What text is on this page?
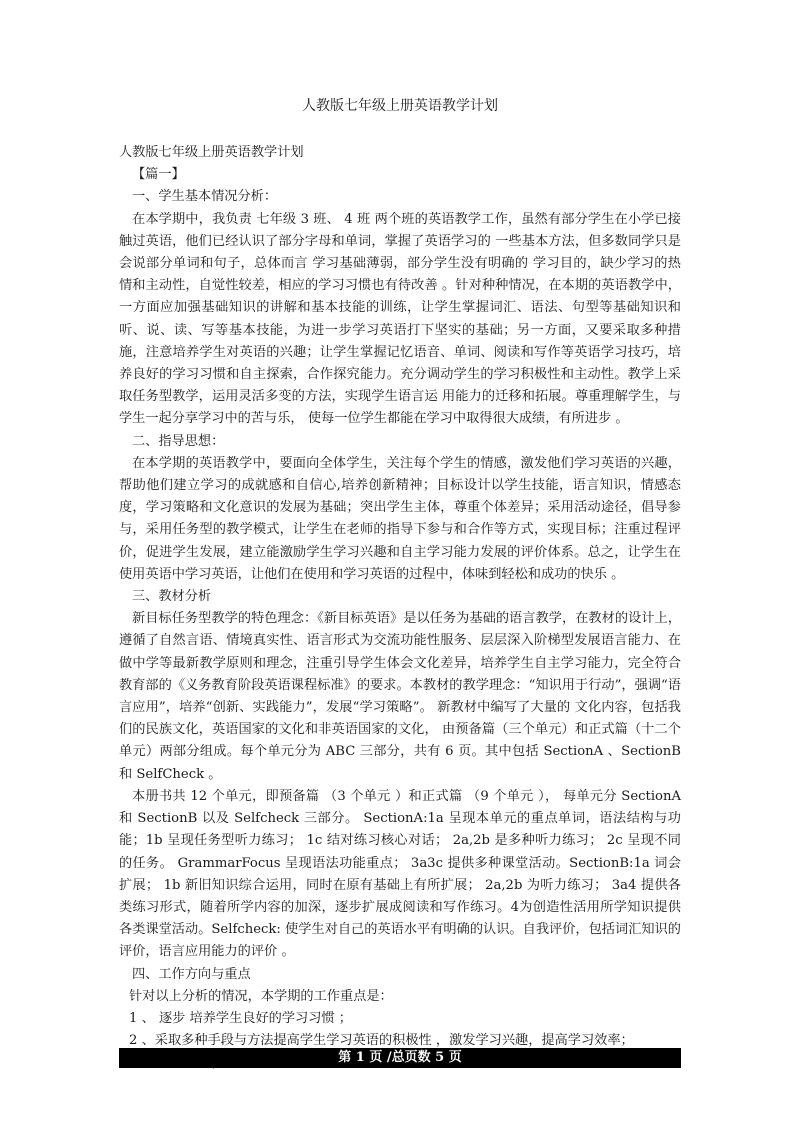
人教版七年级上册英语教学计划

人教版七年级上册英语教学计划

【篇一】

一、学生基本情况分析：

在本学期中，我负责 七年级 3 班、 4 班 两个班的英语教学工作，虽然有部分学生在小学已接触过英语，他们已经认识了部分字母和单词，掌握了英语学习的 一些基本方法，但多数同学只是会说部分单词和句子，总体而言 学习基础薄弱，部分学生没有明确的 学习目的，缺少学习的热情和主动性，自觉性较差，相应的学习习惯也有待改善 。针对种种情况，在本期的英语教学中，一方面应加强基础知识的讲解和基本技能的训练，让学生掌握词汇、语法、句型等基础知识和听、说、读、写等基本技能，为进一步学习英语打下坚实的基础；另一方面，又要采取多种措施，注意培养学生对英语的兴趣；让学生掌握记忆语音、单词、阅读和写作等英语学习技巧，培养良好的学习习惯和自主探索，合作探究能力。充分调动学生的学习积极性和主动性。教学上采取任务型教学，运用灵活多变的方法，实现学生语言运 用能力的迁移和拓展。尊重理解学生，与学生一起分享学习中的苦与乐， 使每一位学生都能在学习中取得很大成绩，有所进步 。

二、指导思想：

在本学期的英语教学中，要面向全体学生，关注每个学生的情感，激发他们学习英语的兴趣，帮助他们建立学习的成就感和自信心,培养创新精神；目标设计以学生技能，语言知识，情感态度，学习策略和文化意识的发展为基础；突出学生主体，尊重个体差异；采用活动途径，倡导参与，采用任务型的教学模式，让学生在老师的指导下参与和合作等方式，实现目标；注重过程评价，促进学生发展，建立能激励学生学习兴趣和自主学习能力发展的评价体系。总之，让学生在使用英语中学习英语，让他们在使用和学习英语的过程中，体味到轻松和成功的快乐 。

三、教材分析

新目标任务型教学的特色理念：《新目标英语》是以任务为基础的语言教学，在教材的设计上，遵循了自然言语、情境真实性、语言形式为交流功能性服务、层层深入阶梯型发展语言能力、在做中学等最新教学原则和理念，注重引导学生体会文化差异，培养学生自主学习能力，完全符合教育部的《义务教育阶段英语课程标准》的要求。本教材的教学理念：“知识用于行动”，强调“语言应用”，培养“创新、实践能力”，发展“学习策略”。 新教材中编写了大量的 文化内容，包括我们的民族文化，英语国家的文化和非英语国家的文化， 由预备篇（三个单元）和正式篇（十二个单元）两部分组成。每个单元分为 ABC 三部分，共有 6 页。其中包括 SectionA 、SectionB 和 SelfCheck 。

本册书共 12 个单元，即预备篇 （3 个单元 ）和正式篇 （9 个单元 ）， 每单元分 SectionA 和 SectionB 以及 Selfcheck 三部分。 SectionA:1a 呈现本单元的重点单词，语法结构与功能；1b 呈现任务型听力练习； 1c 结对练习核心对话； 2a,2b 是多种听力练习； 2c 呈现不同的任务。 GrammarFocus 呈现语法功能重点； 3a3c 提供多种课堂活动。SectionB:1a 词会扩展； 1b 新旧知识综合运用，同时在原有基础上有所扩展； 2a,2b 为听力练习； 3a4 提供各类练习形式，随着所学内容的加深，逐步扩展成阅读和写作练习。4为创造性活用所学知识提供各类课堂活动。Selfcheck: 使学生对自己的英语水平有明确的认识。自我评价，包括词汇知识的评价，语言应用能力的评价 。

四、工作方向与重点

针对以上分析的情况，本学期的工作重点是：

1 、 逐步 培养学生良好的学习习惯 ；

2 、采取多种手段与方法提高学生学习英语的积极性 ，激发学习兴趣，提高学习效率；

第 1 页 /总页数 5 页
